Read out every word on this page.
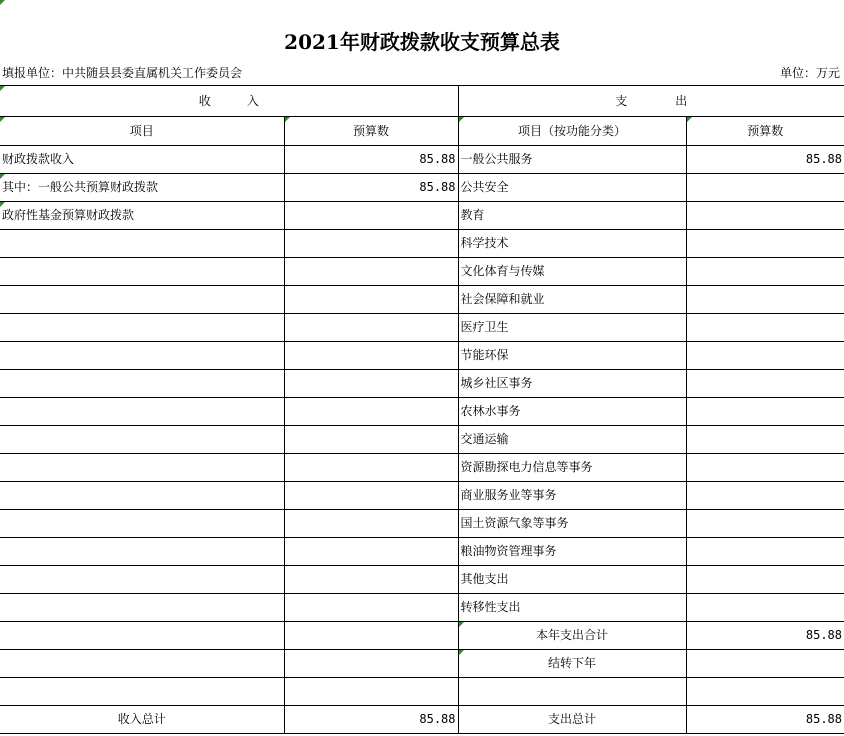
2021年财政拨款收支预算总表
填报单位：中共随县县委直属机关工作委员会	单位：万元
收　　　入		支　　　　出	
项目	预算数	项目（按功能分类）	预算数
财政拨款收入	85.88	一般公共服务	85.88
其中：一般公共预算财政拨款	85.88	公共安全	
政府性基金预算财政拨款		教育	
		科学技术	
		文化体育与传媒	
		社会保障和就业	
		医疗卫生	
		节能环保	
		城乡社区事务	
		农林水事务	
		交通运输	
		资源勘探电力信息等事务	
		商业服务业等事务	
		国土资源气象等事务	
		粮油物资管理事务	
		其他支出	
		转移性支出	
		本年支出合计	85.88
		结转下年	

收入总计	85.88	支出总计	85.88
